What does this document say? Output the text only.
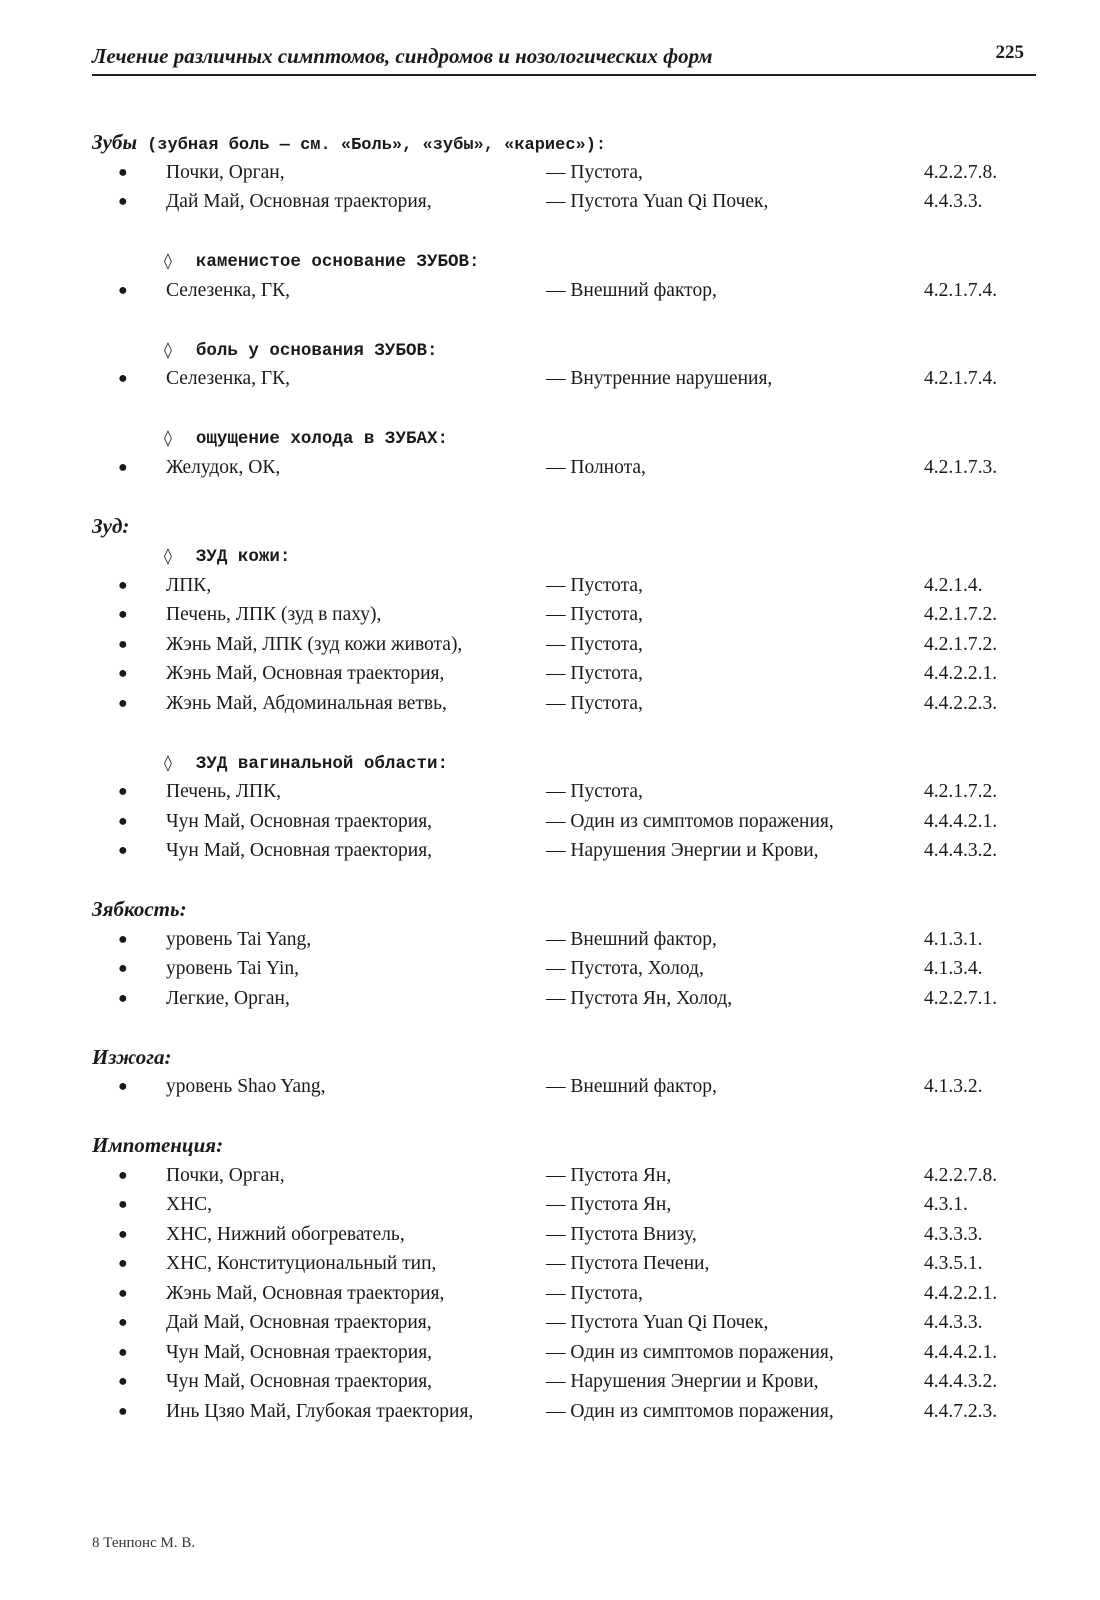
Лечение различных симптомов, синдромов и нозологических форм	225
Зубы (зубная боль — см. «Боль», «зубы», «кариес»):
● Почки, Орган,	— Пустота,	4.2.2.7.8.
● Дай Май, Основная траектория,	— Пустота Yuan Qi Почек,	4.4.3.3.
◊ каменистое основание ЗУБОВ:
● Селезенка, ГК,	— Внешний фактор,	4.2.1.7.4.
◊ боль у основания ЗУБОВ:
● Селезенка, ГК,	— Внутренние нарушения,	4.2.1.7.4.
◊ ощущение холода в ЗУБАХ:
● Желудок, ОК,	— Полнота,	4.2.1.7.3.
Зуд:
◊ ЗУД кожи:
● ЛПК,	— Пустота,	4.2.1.4.
● Печень, ЛПК (зуд в паху),	— Пустота,	4.2.1.7.2.
● Жэнь Май, ЛПК (зуд кожи живота),	— Пустота,	4.2.1.7.2.
● Жэнь Май, Основная траектория,	— Пустота,	4.4.2.2.1.
● Жэнь Май, Абдоминальная ветвь,	— Пустота,	4.4.2.2.3.
◊ ЗУД вагинальной области:
● Печень, ЛПК,	— Пустота,	4.2.1.7.2.
● Чун Май, Основная траектория,	— Один из симптомов поражения,	4.4.4.2.1.
● Чун Май, Основная траектория,	— Нарушения Энергии и Крови,	4.4.4.3.2.
Зябкость:
● уровень Tai Yang,	— Внешний фактор,	4.1.3.1.
● уровень Tai Yin,	— Пустота, Холод,	4.1.3.4.
● Легкие, Орган,	— Пустота Ян, Холод,	4.2.2.7.1.
Изжога:
● уровень Shao Yang,	— Внешний фактор,	4.1.3.2.
Импотенция:
● Почки, Орган,	— Пустота Ян,	4.2.2.7.8.
● ХНС,	— Пустота Ян,	4.3.1.
● ХНС, Нижний обогреватель,	— Пустота Внизу,	4.3.3.3.
● ХНС, Конституциональный тип,	— Пустота Печени,	4.3.5.1.
● Жэнь Май, Основная траектория,	— Пустота,	4.4.2.2.1.
● Дай Май, Основная траектория,	— Пустота Yuan Qi Почек,	4.4.3.3.
● Чун Май, Основная траектория,	— Один из симптомов поражения,	4.4.4.2.1.
● Чун Май, Основная траектория,	— Нарушения Энергии и Крови,	4.4.4.3.2.
● Инь Цзяо Май, Глубокая траектория,	— Один из симптомов поражения,	4.4.7.2.3.
8 Тенпонс М. В.
